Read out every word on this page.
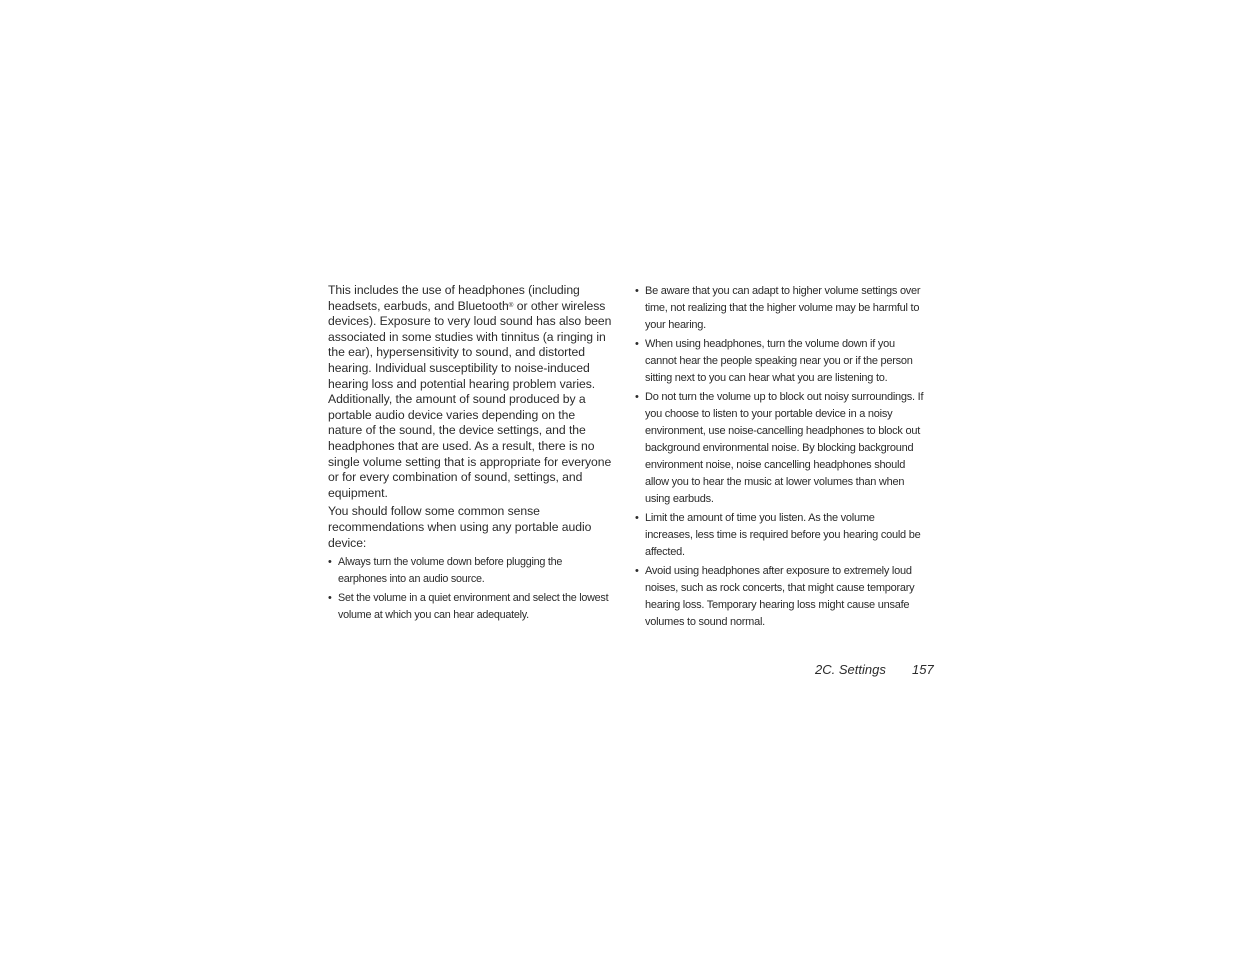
This includes the use of headphones (including headsets, earbuds, and Bluetooth® or other wireless devices). Exposure to very loud sound has also been associated in some studies with tinnitus (a ringing in the ear), hypersensitivity to sound, and distorted hearing. Individual susceptibility to noise-induced hearing loss and potential hearing problem varies. Additionally, the amount of sound produced by a portable audio device varies depending on the nature of the sound, the device settings, and the headphones that are used. As a result, there is no single volume setting that is appropriate for everyone or for every combination of sound, settings, and equipment.

You should follow some common sense recommendations when using any portable audio device:

• Always turn the volume down before plugging the earphones into an audio source.
• Set the volume in a quiet environment and select the lowest volume at which you can hear adequately.
• Be aware that you can adapt to higher volume settings over time, not realizing that the higher volume may be harmful to your hearing.
• When using headphones, turn the volume down if you cannot hear the people speaking near you or if the person sitting next to you can hear what you are listening to.
• Do not turn the volume up to block out noisy surroundings. If you choose to listen to your portable device in a noisy environment, use noise-cancelling headphones to block out background environmental noise. By blocking background environment noise, noise cancelling headphones should allow you to hear the music at lower volumes than when using earbuds.
• Limit the amount of time you listen. As the volume increases, less time is required before you hearing could be affected.
• Avoid using headphones after exposure to extremely loud noises, such as rock concerts, that might cause temporary hearing loss. Temporary hearing loss might cause unsafe volumes to sound normal.
2C. Settings 157
